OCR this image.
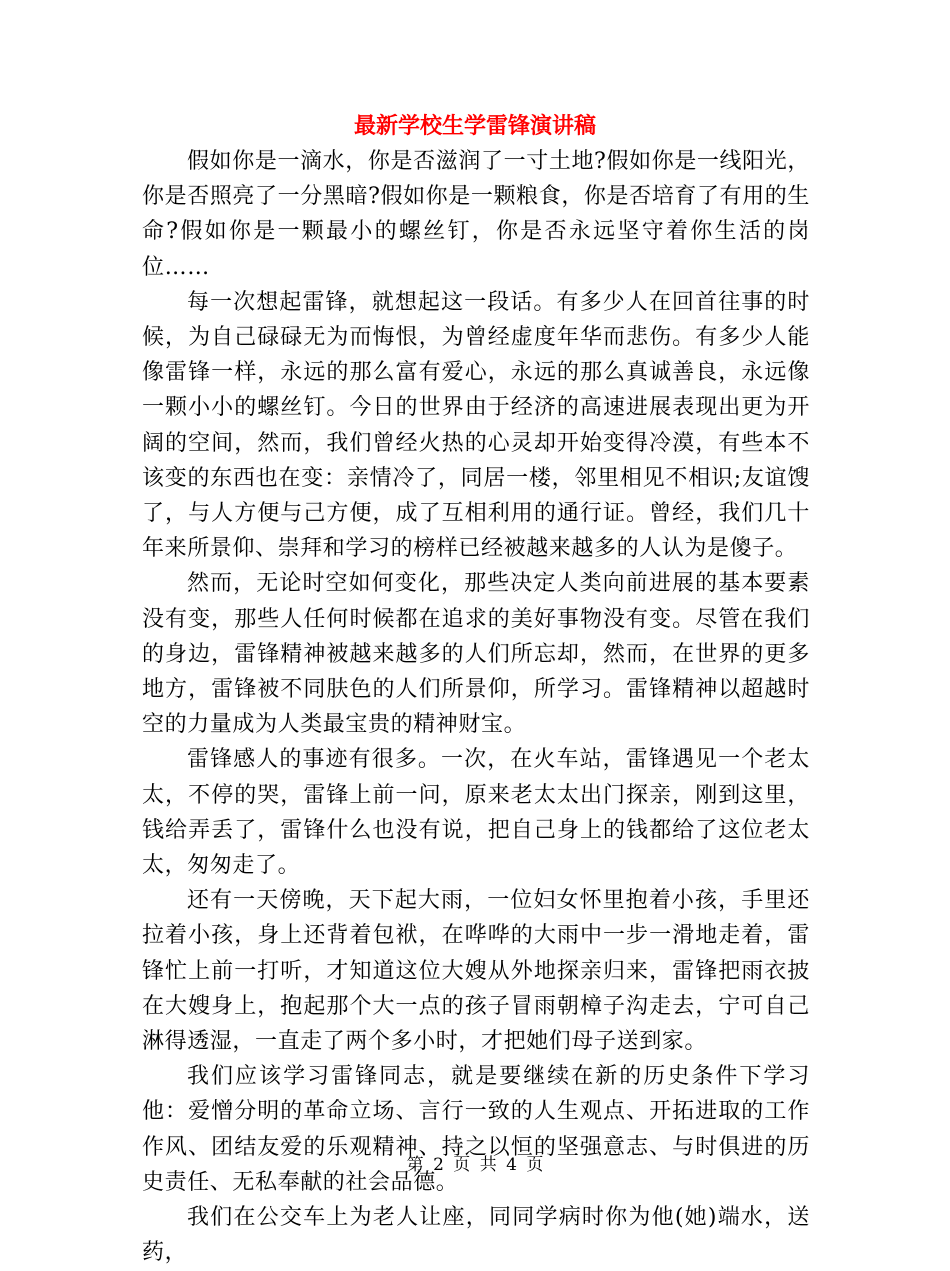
最新学校生学雷锋演讲稿

假如你是一滴水，你是否滋润了一寸土地?假如你是一线阳光，你是否照亮了一分黑暗?假如你是一颗粮食，你是否培育了有用的生命?假如你是一颗最小的螺丝钉，你是否永远坚守着你生活的岗位……

每一次想起雷锋，就想起这一段话。有多少人在回首往事的时候，为自己碌碌无为而悔恨，为曾经虚度年华而悲伤。有多少人能像雷锋一样，永远的那么富有爱心，永远的那么真诚善良，永远像一颗小小的螺丝钉。今日的世界由于经济的高速进展表现出更为开阔的空间，然而，我们曾经火热的心灵却开始变得冷漠，有些本不该变的东西也在变：亲情冷了，同居一楼，邻里相见不相识;友谊馊了，与人方便与己方便，成了互相利用的通行证。曾经，我们几十年来所景仰、崇拜和学习的榜样已经被越来越多的人认为是傻子。

然而，无论时空如何变化，那些决定人类向前进展的基本要素没有变，那些人任何时候都在追求的美好事物没有变。尽管在我们的身边，雷锋精神被越来越多的人们所忘却，然而，在世界的更多地方，雷锋被不同肤色的人们所景仰，所学习。雷锋精神以超越时空的力量成为人类最宝贵的精神财宝。

雷锋感人的事迹有很多。一次，在火车站，雷锋遇见一个老太太，不停的哭，雷锋上前一问，原来老太太出门探亲，刚到这里，钱给弄丢了，雷锋什么也没有说，把自己身上的钱都给了这位老太太，匆匆走了。

还有一天傍晚，天下起大雨，一位妇女怀里抱着小孩，手里还拉着小孩，身上还背着包袱，在哗哗的大雨中一步一滑地走着，雷锋忙上前一打听，才知道这位大嫂从外地探亲归来，雷锋把雨衣披在大嫂身上，抱起那个大一点的孩子冒雨朝樟子沟走去，宁可自己淋得透湿，一直走了两个多小时，才把她们母子送到家。

我们应该学习雷锋同志，就是要继续在新的历史条件下学习他：爱憎分明的革命立场、言行一致的人生观点、开拓进取的工作作风、团结友爱的乐观精神、持之以恒的坚强意志、与时俱进的历史责任、无私奉献的社会品德。

我们在公交车上为老人让座，同同学病时你为他(她)端水，送药，

第 2 页 共 4 页
